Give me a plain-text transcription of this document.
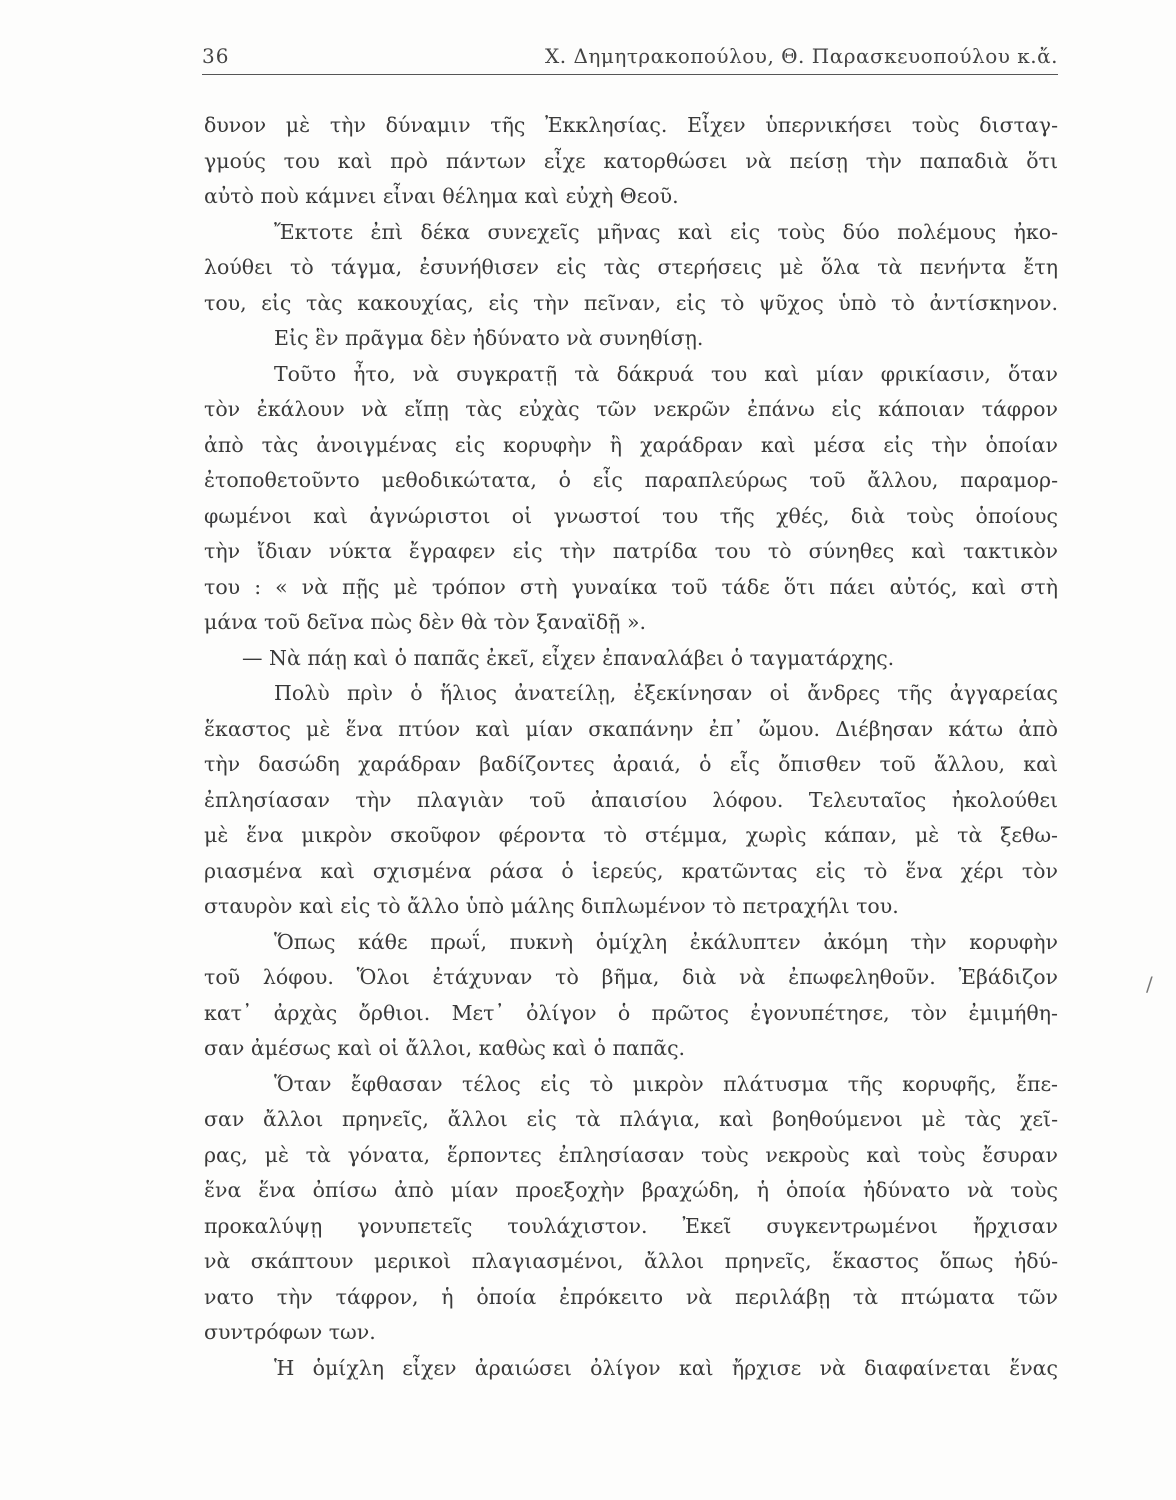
36	Χ. Δημητρακοπούλου, Θ. Παρασκευοπούλου κ.ἄ.
δυνον μὲ τὴν δύναμιν τῆς Ἐκκλησίας. Εἶχεν ὑπερνικήσει τοὺς δισταγ-
γμούς του καὶ πρὸ πάντων εἶχε κατορθώσει νὰ πείσῃ τὴν παπαδιὰ ὅτι
αὐτὸ ποὺ κάμνει εἶναι θέλημα καὶ εὐχὴ Θεοῦ.
Ἔκτοτε ἐπὶ δέκα συνεχεῖς μῆνας καὶ εἰς τοὺς δύο πολέμους ἠκο-
λούθει τὸ τάγμα, ἐσυνήθισεν εἰς τὰς στερήσεις μὲ ὅλα τὰ πενήντα ἔτη
του, εἰς τὰς κακουχίας, εἰς τὴν πεῖναν, εἰς τὸ ψῦχος ὑπὸ τὸ ἀντίσκηνον.
Εἰς ἓν πρᾶγμα δὲν ἠδύνατο νὰ συνηθίσῃ.
Τοῦτο ἦτο, νὰ συγκρατῇ τὰ δάκρυά του καὶ μίαν φρικίασιν, ὅταν
τὸν ἐκάλουν νὰ εἴπῃ τὰς εὐχὰς τῶν νεκρῶν ἐπάνω εἰς κάποιαν τάφρον
ἀπὸ τὰς ἀνοιγμένας εἰς κορυφὴν ἢ χαράδραν καὶ μέσα εἰς τὴν ὁποίαν
ἐτοποθετοῦντο μεθοδικώτατα, ὁ εἷς παραπλεύρως τοῦ ἄλλου, παραμορ-
φωμένοι καὶ ἀγνώριστοι οἱ γνωστοί του τῆς χθές, διὰ τοὺς ὁποίους
τὴν ἴδιαν νύκτα ἔγραφεν εἰς τὴν πατρίδα του τὸ σύνηθες καὶ τακτικὸν
του : « νὰ πῇς μὲ τρόπον στὴ γυναίκα τοῦ τάδε ὅτι πάει αὐτός, καὶ στὴ
μάνα τοῦ δεῖνα πὼς δὲν θὰ τὸν ξαναϊδῇ ».
— Νὰ πάῃ καὶ ὁ παπᾶς ἐκεῖ, εἶχεν ἐπαναλάβει ὁ ταγματάρχης.
Πολὺ πρὶν ὁ ἥλιος ἀνατείλῃ, ἐξεκίνησαν οἱ ἄνδρες τῆς ἀγγαρείας
ἕκαστος μὲ ἕνα πτύον καὶ μίαν σκαπάνην ἐπ᾽ ὤμου. Διέβησαν κάτω ἀπὸ
τὴν δασώδη χαράδραν βαδίζοντες ἀραιά, ὁ εἷς ὄπισθεν τοῦ ἄλλου, καὶ
ἐπλησίασαν τὴν πλαγιὰν τοῦ ἀπαισίου λόφου. Τελευταῖος ἠκολούθει
μὲ ἕνα μικρὸν σκοῦφον φέροντα τὸ στέμμα, χωρὶς κάπαν, μὲ τὰ ξεθω-
ριασμένα καὶ σχισμένα ράσα ὁ ἱερεύς, κρατῶντας εἰς τὸ ἕνα χέρι τὸν
σταυρὸν καὶ εἰς τὸ ἄλλο ὑπὸ μάλης διπλωμένον τὸ πετραχήλι του.
Ὅπως κάθε πρωΐ, πυκνὴ ὁμίχλη ἐκάλυπτεν ἀκόμη τὴν κορυφὴν
τοῦ λόφου. Ὅλοι ἐτάχυναν τὸ βῆμα, διὰ νὰ ἐπωφεληθοῦν. Ἐβάδιζον
κατ᾽ ἀρχὰς ὄρθιοι. Μετ᾽ ὀλίγον ὁ πρῶτος ἐγονυπέτησε, τὸν ἐμιμήθη-
σαν ἀμέσως καὶ οἱ ἄλλοι, καθὼς καὶ ὁ παπᾶς.
Ὅταν ἔφθασαν τέλος εἰς τὸ μικρὸν πλάτυσμα τῆς κορυφῆς, ἔπε-
σαν ἄλλοι πρηνεῖς, ἄλλοι εἰς τὰ πλάγια, καὶ βοηθούμενοι μὲ τὰς χεῖ-
ρας, μὲ τὰ γόνατα, ἕρποντες ἐπλησίασαν τοὺς νεκροὺς καὶ τοὺς ἔσυραν
ἕνα ἕνα ὀπίσω ἀπὸ μίαν προεξοχὴν βραχώδη, ἡ ὁποία ἠδύνατο νὰ τοὺς
προκαλύψῃ γονυπετεῖς τουλάχιστον. Ἐκεῖ συγκεντρωμένοι ἤρχισαν
νὰ σκάπτουν μερικοὶ πλαγιασμένοι, ἄλλοι πρηνεῖς, ἕκαστος ὅπως ἠδύ-
νατο τὴν τάφρον, ἡ ὁποία ἐπρόκειτο νὰ περιλάβῃ τὰ πτώματα τῶν
συντρόφων των.
Ἡ ὁμίχλη εἶχεν ἀραιώσει ὀλίγον καὶ ἤρχισε νὰ διαφαίνεται ἕνας
/
